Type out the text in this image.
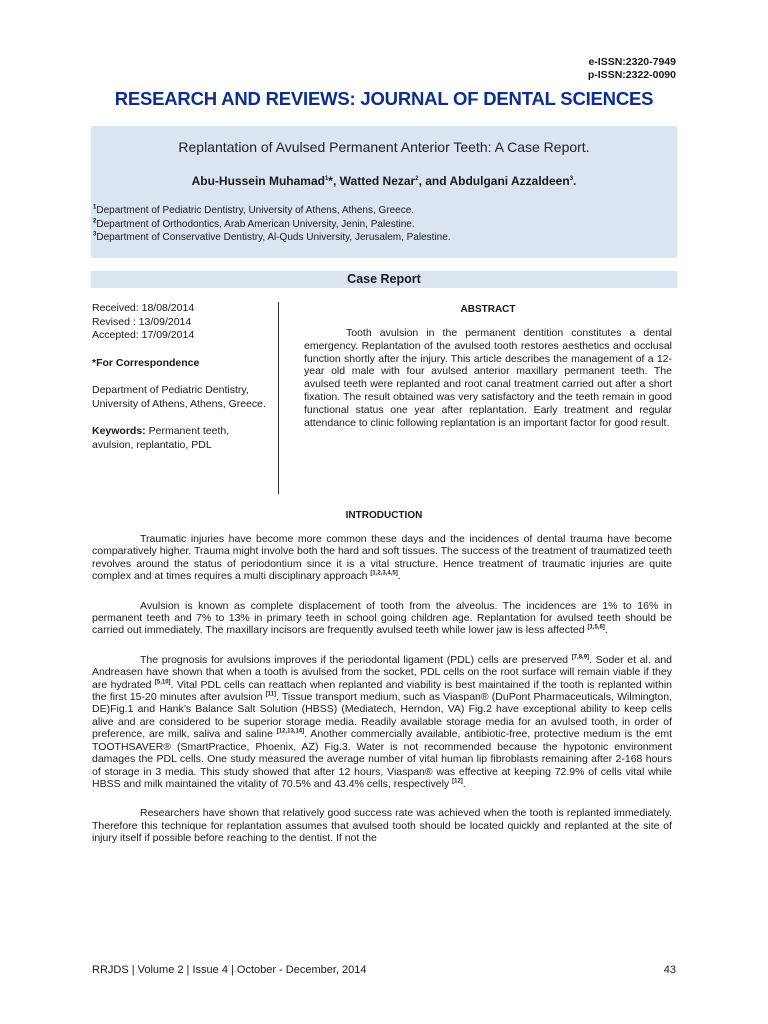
e-ISSN:2320-7949
p-ISSN:2322-0090
RESEARCH AND REVIEWS: JOURNAL OF DENTAL SCIENCES
Replantation of Avulsed Permanent Anterior Teeth: A Case Report.
Abu-Hussein Muhamad$^1$*, Watted Nezar$^2$, and Abdulgani Azzaldeen$^3$.
$^1$Department of Pediatric Dentistry, University of Athens, Athens, Greece.
$^2$Department of Orthodontics, Arab American University, Jenin, Palestine.
$^3$Department of Conservative Dentistry, Al-Quds University, Jerusalem, Palestine.
Case Report

Received: 18/08/2014

Revised : 13/09/2014

Accepted: 17/09/2014

*For Correspondence

Department of Pediatric Dentistry, University of Athens, Athens, Greece.

Keywords: Permanent teeth, avulsion, replantatio, PDL

ABSTRACT
Tooth avulsion in the permanent dentition constitutes a dental emergency. Replantation of the avulsed tooth restores aesthetics and occlusal function shortly after the injury. This article describes the management of a 12-year old male with four avulsed anterior maxillary permanent teeth. The avulsed teeth were replanted and root canal treatment carried out after a short fixation. The result obtained was very satisfactory and the teeth remain in good functional status one year after replantation. Early treatment and regular attendance to clinic following replantation is an important factor for good result.
INTRODUCTION

Traumatic injuries have become more common these days and the incidences of dental trauma have become comparatively higher. Trauma might involve both the hard and soft tissues. The success of the treatment of traumatized teeth revolves around the status of periodontium since it is a vital structure. Hence treatment of traumatic injuries are quite complex and at times requires a multi disciplinary approach [1,2,3,4,5].

Avulsion is known as complete displacement of tooth from the alveolus. The incidences are 1% to 16% in permanent teeth and 7% to 13% in primary teeth in school going children age. Replantation for avulsed teeth should be carried out immediately. The maxillary incisors are frequently avulsed teeth while lower jaw is less affected [1,5,6].

The prognosis for avulsions improves if the periodontal ligament (PDL) cells are preserved [7,8,9]. Soder et al. and Andreasen have shown that when a tooth is avulsed from the socket, PDL cells on the root surface will remain viable if they are hydrated [5,10]. Vital PDL cells can reattach when replanted and viability is best maintained if the tooth is replanted within the first 15-20 minutes after avulsion [11]. Tissue transport medium, such as Viaspan® (DuPont Pharmaceuticals, Wilmington, DE)Fig.1 and Hank’s Balance Salt Solution (HBSS) (Mediatech, Herndon, VA) Fig.2 have exceptional ability to keep cells alive and are considered to be superior storage media. Readily available storage media for an avulsed tooth, in order of preference, are milk, saliva and saline [12,13,14]. Another commercially available, antibiotic-free, protective medium is the emt TOOTHSAVER® (SmartPractice, Phoenix, AZ) Fig.3. Water is not recommended because the hypotonic environment damages the PDL cells. One study measured the average number of vital human lip fibroblasts remaining after 2-168 hours of storage in 3 media. This study showed that after 12 hours, Viaspan® was effective at keeping 72.9% of cells vital while HBSS and milk maintained the vitality of 70.5% and 43.4% cells, respectively [12].

Researchers have shown that relatively good success rate was achieved when the tooth is replanted immediately. Therefore this technique for replantation assumes that avulsed tooth should be located quickly and replanted at the site of injury itself if possible before reaching to the dentist. If not the

RRJDS | Volume 2 | Issue 4 | October - December, 2014	43
